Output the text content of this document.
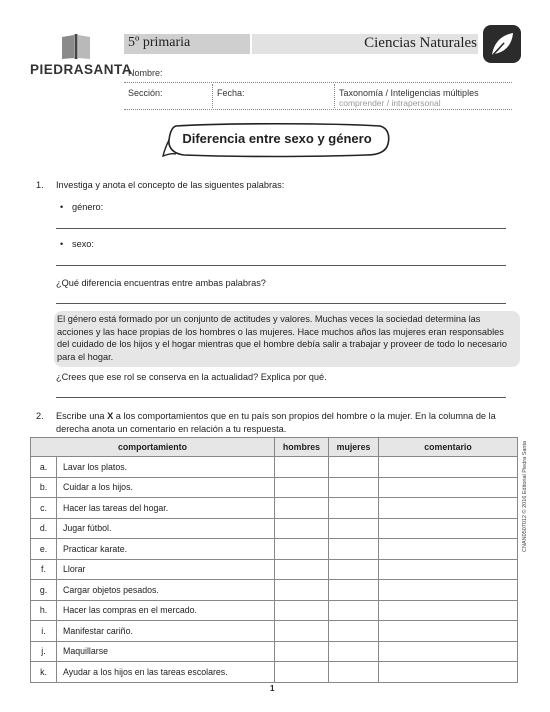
PIEDRASANTA
5º primaria	Ciencias Naturales
Nombre:
Sección:	Fecha:	Taxonomía / Inteligencias múltiples
comprender / intrapersonal
Diferencia entre sexo y género
1. Investiga y anota el concepto de las siguentes palabras:
• género:
• sexo:
¿Qué diferencia encuentras entre ambas palabras?
El género está formado por un conjunto de actitudes y valores. Muchas veces la sociedad determina las acciones y las hace propias de los hombres o las mujeres. Hace muchos años las mujeres eran responsables del cuidado de los hijos y el hogar mientras que el hombre debía salir a trabajar y proveer de todo lo necesario para el hogar.
¿Crees que ese rol se conserva en la actualidad? Explica por qué.
2. Escribe una X a los comportamientos que en tu país son propios del hombre o la mujer. En la columna de la derecha anota un comentario en relación a tu respuesta.
comportamiento		hombres	mujeres	comentario
a.	Lavar los platos.			
b.	Cuidar a los hijos.			
c.	Hacer las tareas del hogar.			
d.	Jugar fútbol.			
e.	Practicar karate.			
f.	Llorar			
g.	Cargar objetos pesados.			
h.	Hacer las compras en el mercado.			
i.	Manifestar cariño.			
j.	Maquillarse			
k.	Ayudar a los hijos en las tareas escolares.			
CNAN0507012 © 2016 Editorial Piedra Santa
1
